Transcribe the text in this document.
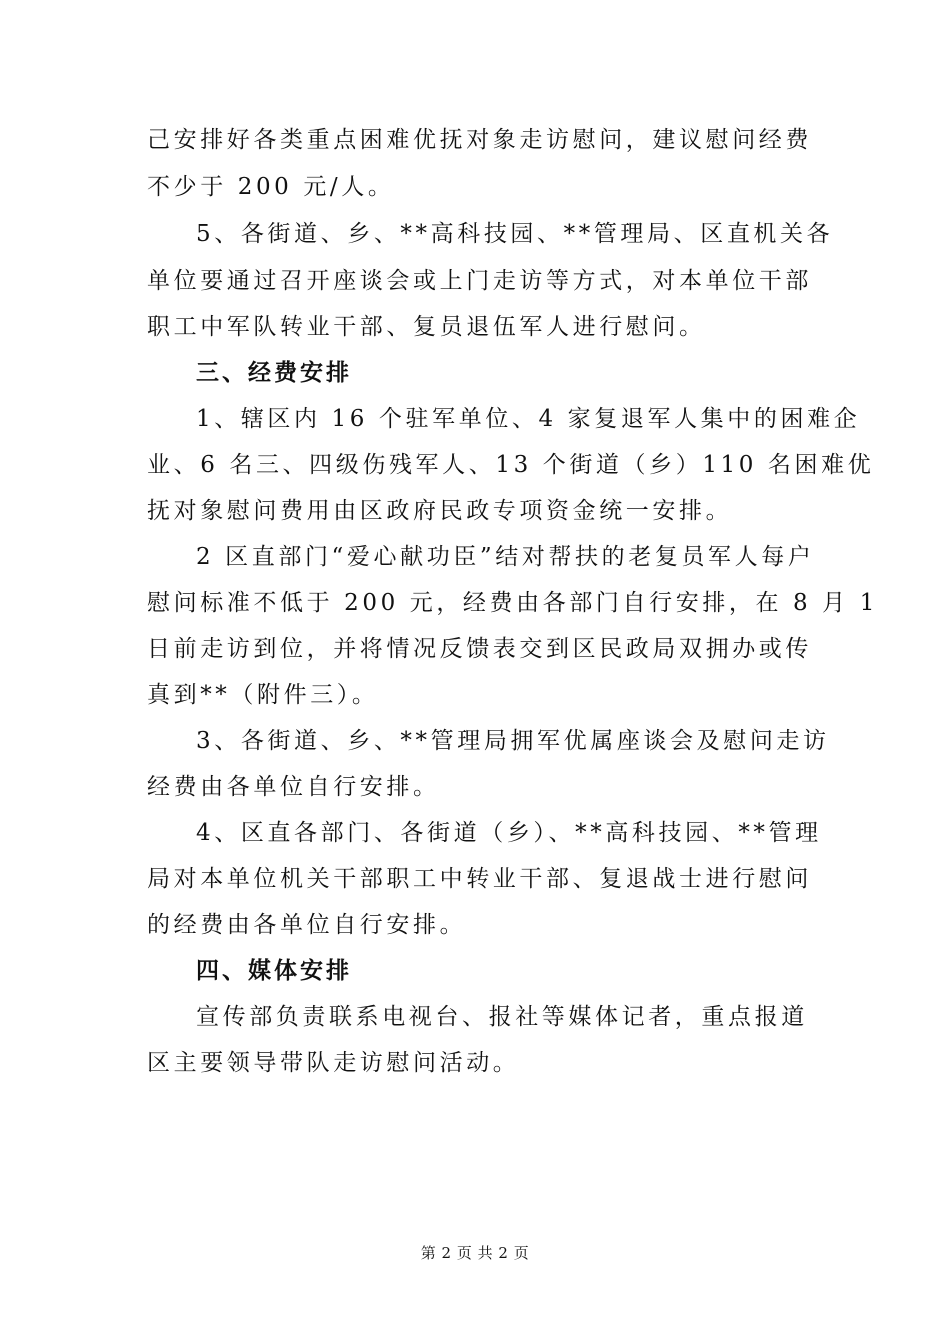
己安排好各类重点困难优抚对象走访慰问，建议慰问经费
不少于 200 元/人。
5、各街道、乡、**高科技园、**管理局、区直机关各
单位要通过召开座谈会或上门走访等方式，对本单位干部
职工中军队转业干部、复员退伍军人进行慰问。
三、经费安排
1、辖区内 16 个驻军单位、4 家复退军人集中的困难企
业、6 名三、四级伤残军人、13 个街道（乡）110 名困难优
抚对象慰问费用由区政府民政专项资金统一安排。
2 区直部门“爱心献功臣”结对帮扶的老复员军人每户
慰问标准不低于 200 元，经费由各部门自行安排，在 8 月 1
日前走访到位，并将情况反馈表交到区民政局双拥办或传
真到**（附件三）。
3、各街道、乡、**管理局拥军优属座谈会及慰问走访
经费由各单位自行安排。
4、区直各部门、各街道（乡）、**高科技园、**管理
局对本单位机关干部职工中转业干部、复退战士进行慰问
的经费由各单位自行安排。
四、媒体安排
宣传部负责联系电视台、报社等媒体记者，重点报道
区主要领导带队走访慰问活动。
第 2 页 共 2 页
